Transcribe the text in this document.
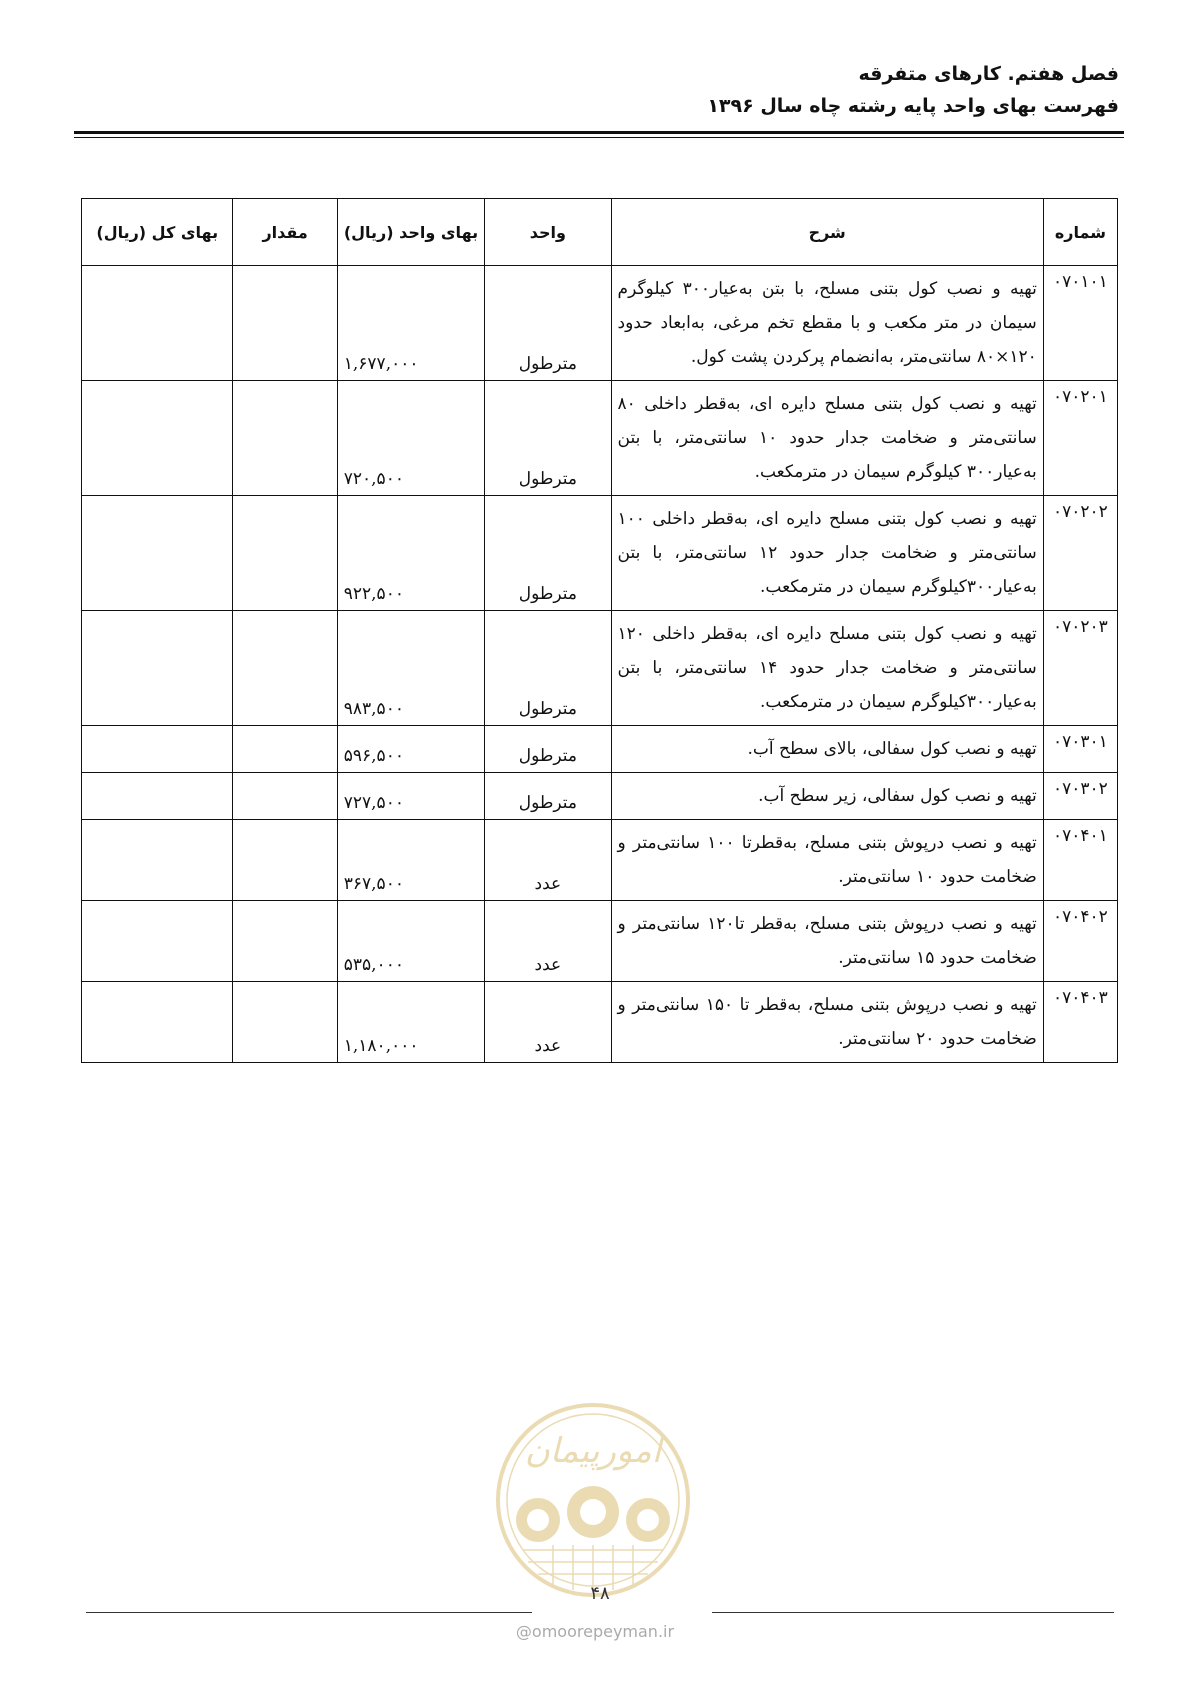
فصل هفتم. کارهای متفرقه
فهرست بهای واحد پایه رشته چاه سال ۱۳۹۶
شماره	شرح	واحد	بهای واحد (ریال)	مقدار	بهای کل (ریال)
۰۷۰۱۰۱	تهیه و نصب کول بتنی مسلح، با بتن به‌عیار۳۰۰ کیلوگرم سیمان در متر مکعب و با مقطع تخم مرغی، به‌ابعاد حدود ۱۲۰×۸۰ سانتی‌متر، به‌انضمام پرکردن پشت کول.	مترطول	۱,۶۷۷,۰۰۰		
۰۷۰۲۰۱	تهیه و نصب کول بتنی مسلح دایره ای، به‌قطر داخلی ۸۰ سانتی‌متر و ضخامت جدار حدود ۱۰ سانتی‌متر، با بتن به‌عیار۳۰۰ کیلوگرم سیمان در مترمکعب.	مترطول	۷۲۰,۵۰۰		
۰۷۰۲۰۲	تهیه و نصب کول بتنی مسلح دایره ای، به‌قطر داخلی ۱۰۰ سانتی‌متر و ضخامت جدار حدود ۱۲ سانتی‌متر، با بتن به‌عیار۳۰۰کیلوگرم سیمان در مترمکعب.	مترطول	۹۲۲,۵۰۰		
۰۷۰۲۰۳	تهیه و نصب کول بتنی مسلح دایره ای، به‌قطر داخلی ۱۲۰ سانتی‌متر و ضخامت جدار حدود ۱۴ سانتی‌متر، با بتن به‌عیار۳۰۰کیلوگرم سیمان در مترمکعب.	مترطول	۹۸۳,۵۰۰		
۰۷۰۳۰۱	تهیه و نصب کول سفالی، بالای سطح آب.	مترطول	۵۹۶,۵۰۰		
۰۷۰۳۰۲	تهیه و نصب کول سفالی، زیر سطح آب.	مترطول	۷۲۷,۵۰۰		
۰۷۰۴۰۱	تهیه و نصب درپوش بتنی مسلح، به‌قطرتا ۱۰۰ سانتی‌متر و ضخامت حدود ۱۰ سانتی‌متر.	عدد	۳۶۷,۵۰۰		
۰۷۰۴۰۲	تهیه و نصب درپوش بتنی مسلح، به‌قطر تا۱۲۰ سانتی‌متر و ضخامت حدود ۱۵ سانتی‌متر.	عدد	۵۳۵,۰۰۰		
۰۷۰۴۰۳	تهیه و نصب درپوش بتنی مسلح، به‌قطر تا ۱۵۰ سانتی‌متر و ضخامت حدود ۲۰ سانتی‌متر.	عدد	۱,۱۸۰,۰۰۰		
امورپیمان
۴۸
@omoorepeyman.ir
